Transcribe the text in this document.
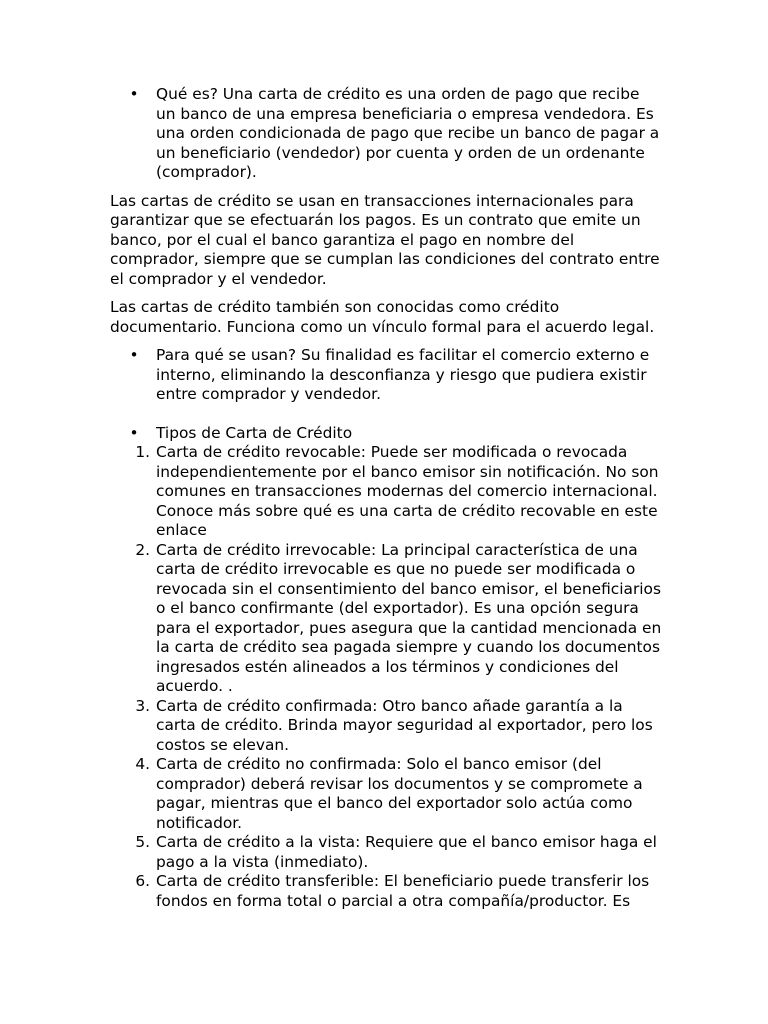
• Qué es? Una carta de crédito es una orden de pago que recibe un banco de una empresa beneficiaria o empresa vendedora. Es una orden condicionada de pago que recibe un banco de pagar a un beneficiario (vendedor) por cuenta y orden de un ordenante (comprador).

Las cartas de crédito se usan en transacciones internacionales para garantizar que se efectuarán los pagos. Es un contrato que emite un banco, por el cual el banco garantiza el pago en nombre del comprador, siempre que se cumplan las condiciones del contrato entre el comprador y el vendedor.

Las cartas de crédito también son conocidas como crédito documentario. Funciona como un vínculo formal para el acuerdo legal.

• Para qué se usan? Su finalidad es facilitar el comercio externo e interno, eliminando la desconfianza y riesgo que pudiera existir entre comprador y vendedor.
• Tipos de Carta de Crédito
1. Carta de crédito revocable: Puede ser modificada o revocada independientemente por el banco emisor sin notificación. No son comunes en transacciones modernas del comercio internacional. Conoce más sobre qué es una carta de crédito recovable en este enlace
2. Carta de crédito irrevocable: La principal característica de una carta de crédito irrevocable es que no puede ser modificada o revocada sin el consentimiento del banco emisor, el beneficiarios o el banco confirmante (del exportador). Es una opción segura para el exportador, pues asegura que la cantidad mencionada en la carta de crédito sea pagada siempre y cuando los documentos ingresados estén alineados a los términos y condiciones del acuerdo. .
3. Carta de crédito confirmada: Otro banco añade garantía a la carta de crédito. Brinda mayor seguridad al exportador, pero los costos se elevan.
4. Carta de crédito no confirmada: Solo el banco emisor (del comprador) deberá revisar los documentos y se compromete a pagar, mientras que el banco del exportador solo actúa como notificador.
5. Carta de crédito a la vista: Requiere que el banco emisor haga el pago a la vista (inmediato).
6. Carta de crédito transferible: El beneficiario puede transferir los fondos en forma total o parcial a otra compañía/productor. Es
